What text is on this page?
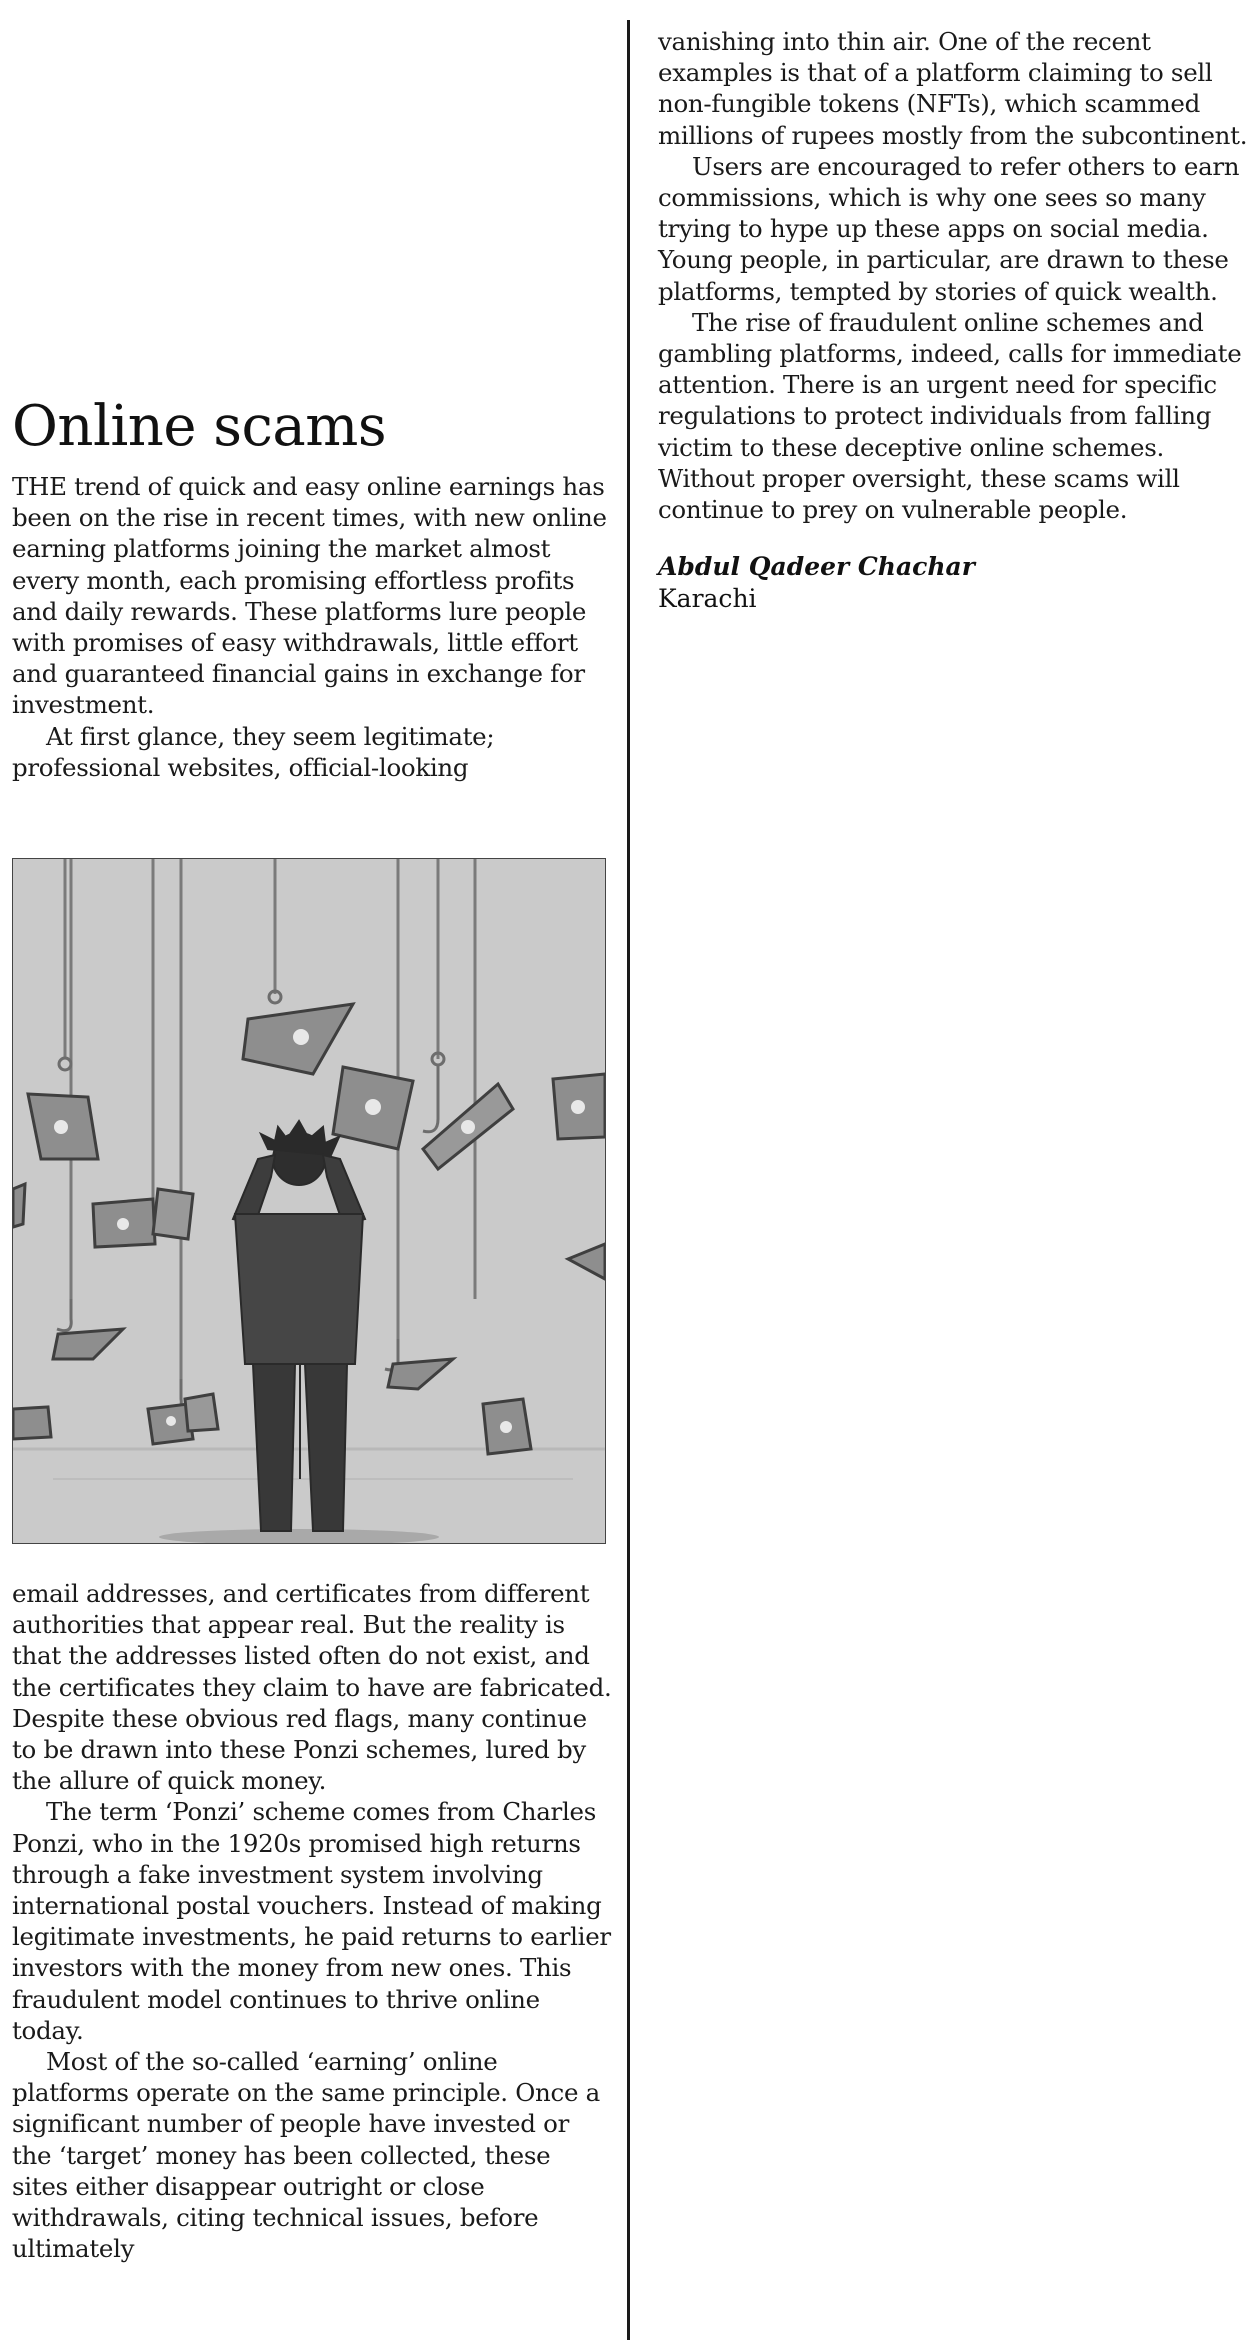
Online scams

THE trend of quick and easy online earnings has been on the rise in recent times, with new online earning platforms joining the market almost every month, each promising effortless profits and daily rewards. These platforms lure people with promises of easy withdrawals, little effort and guaranteed financial gains in exchange for investment.

At first glance, they seem legitimate; professional websites, official-looking

email addresses, and certificates from different authorities that appear real. But the reality is that the addresses listed often do not exist, and the certificates they claim to have are fabricated. Despite these obvious red flags, many continue to be drawn into these Ponzi schemes, lured by the allure of quick money.

The term ‘Ponzi’ scheme comes from Charles Ponzi, who in the 1920s promised high returns through a fake investment system involving international postal vouchers. Instead of making legitimate investments, he paid returns to earlier investors with the money from new ones. This fraudulent model continues to thrive online today.

Most of the so-called ‘earning’ online platforms operate on the same principle. Once a significant number of people have invested or the ‘target’ money has been collected, these sites either disappear outright or close withdrawals, citing technical issues, before ultimately

vanishing into thin air. One of the recent examples is that of a platform claiming to sell non-fungible tokens (NFTs), which scammed millions of rupees mostly from the subcontinent.

Users are encouraged to refer others to earn commissions, which is why one sees so many trying to hype up these apps on social media. Young people, in particular, are drawn to these platforms, tempted by stories of quick wealth.

The rise of fraudulent online schemes and gambling platforms, indeed, calls for immediate attention. There is an urgent need for specific regulations to protect individuals from falling victim to these deceptive online schemes. Without proper oversight, these scams will continue to prey on vulnerable people.

Abdul Qadeer Chachar
Karachi
